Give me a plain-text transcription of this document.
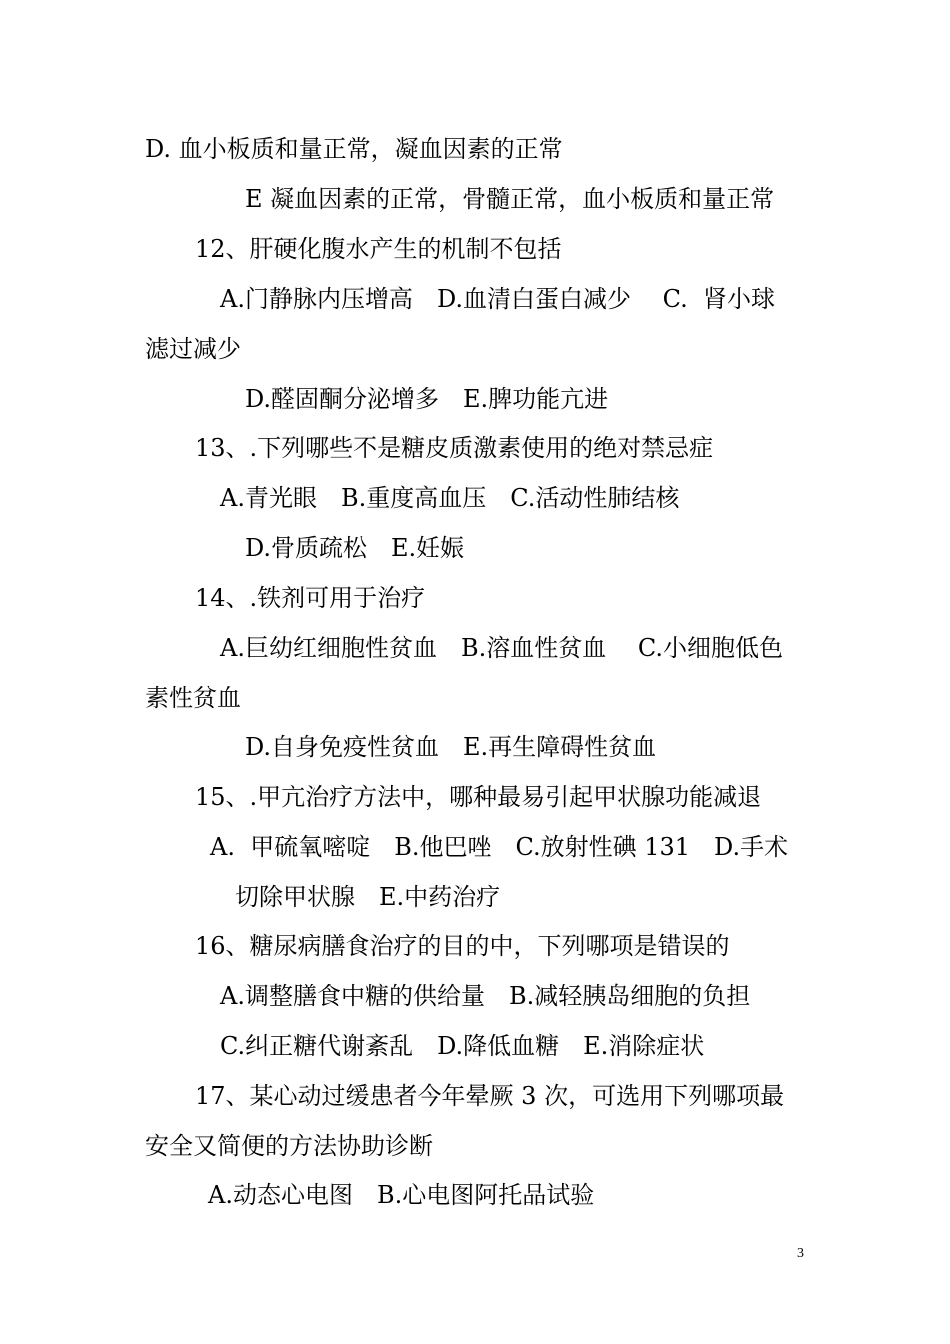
D. 血小板质和量正常，凝血因素的正常

E 凝血因素的正常，骨髓正常，血小板质和量正常

12、肝硬化腹水产生的机制不包括

A.门静脉内压增高　D.血清白蛋白减少　 C.  肾小球

滤过减少

D.醛固酮分泌增多　E.脾功能亢进

13、.下列哪些不是糖皮质激素使用的绝对禁忌症

A.青光眼　B.重度高血压　C.活动性肺结核

D.骨质疏松　E.妊娠

14、.铁剂可用于治疗

A.巨幼红细胞性贫血　B.溶血性贫血　 C.小细胞低色

素性贫血

D.自身免疫性贫血　E.再生障碍性贫血

15、.甲亢治疗方法中，哪种最易引起甲状腺功能减退

A.  甲硫氧嘧啶　B.他巴唑　C.放射性碘 131　D.手术

切除甲状腺　E.中药治疗

16、糖尿病膳食治疗的目的中，下列哪项是错误的

A.调整膳食中糖的供给量　B.减轻胰岛细胞的负担

C.纠正糖代谢紊乱　D.降低血糖　E.消除症状

17、某心动过缓患者今年晕厥 3 次，可选用下列哪项最

安全又简便的方法协助诊断

A.动态心电图　B.心电图阿托品试验

3
